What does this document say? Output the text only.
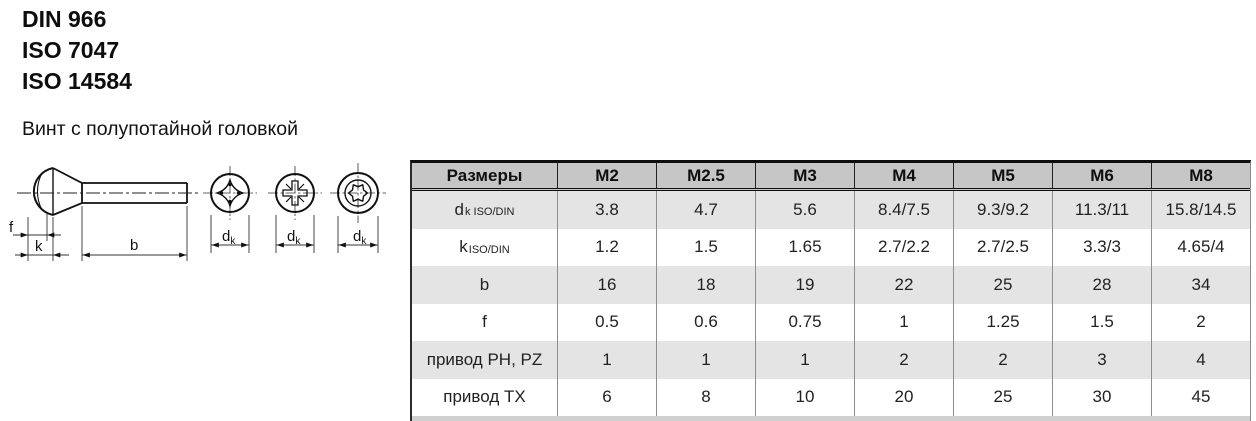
DIN 966
ISO 7047
ISO 14584
Винт с полупотайной головкой
f
k	b
$d_k$	$d_k$	$d_k$
Размеры	M2	M2.5	M3	M4	M5	M6	M8
d k ISO/DIN	3.8	4.7	5.6	8.4/7.5	9.3/9.2	11.3/11	15.8/14.5
k ISO/DIN	1.2	1.5	1.65	2.7/2.2	2.7/2.5	3.3/3	4.65/4
b	16	18	19	22	25	28	34
f	0.5	0.6	0.75	1	1.25	1.5	2
привод PH, PZ	1	1	1	2	2	3	4
привод TX	6	8	10	20	25	30	45
